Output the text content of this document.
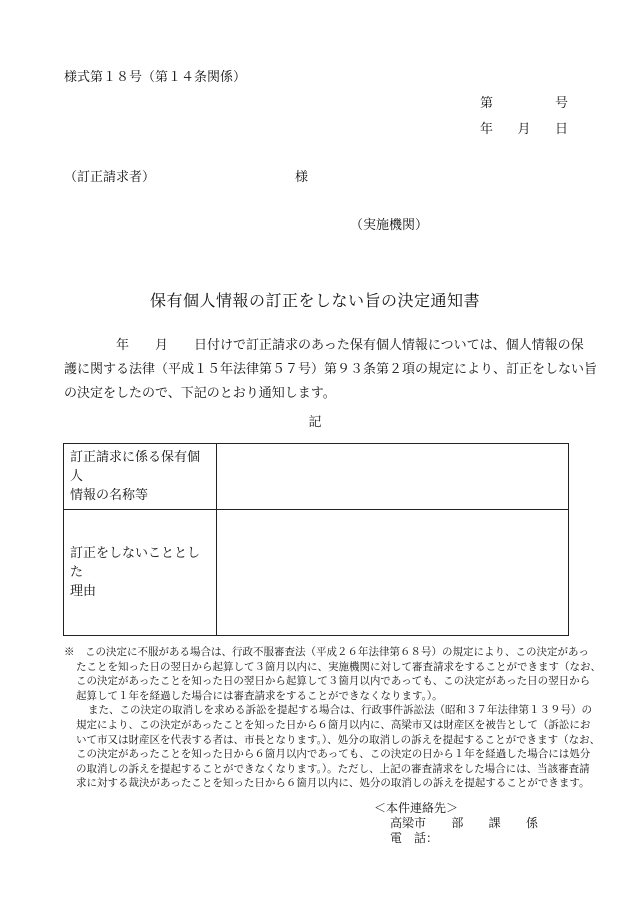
様式第１８号（第１４条関係）
第	号
年 月 日
（訂正請求者）	様
（実施機関）
保有個人情報の訂正をしない旨の決定通知書
　　　　年　　月　　日付けで訂正請求のあった保有個人情報については、個人情報の保
護に関する法律（平成１５年法律第５７号）第９３条第２項の規定により、訂正をしない旨
の決定をしたので、下記のとおり通知します。
記
訂正請求に係る保有個人
情報の名称等	
訂正をしないこととした
理由	
※　この決定に不服がある場合は、行政不服審査法（平成２６年法律第６８号）の規定により、この決定があっ
たことを知った日の翌日から起算して３箇月以内に、実施機関に対して審査請求をすることができます（なお、
この決定があったことを知った日の翌日から起算して３箇月以内であっても、この決定があった日の翌日から
起算して１年を経過した場合には審査請求をすることができなくなります。）。
また、この決定の取消しを求める訴訟を提起する場合は、行政事件訴訟法（昭和３７年法律第１３９号）の
規定により、この決定があったことを知った日から６箇月以内に、高梁市又は財産区を被告として（訴訟にお
いて市又は財産区を代表する者は、市長となります。）、処分の取消しの訴えを提起することができます（なお、
この決定があったことを知った日から６箇月以内であっても、この決定の日から１年を経過した場合には処分
の取消しの訴えを提起することができなくなります。）。ただし、上記の審査請求をした場合には、当該審査請
求に対する裁決があったことを知った日から６箇月以内に、処分の取消しの訴えを提起することができます。
＜本件連絡先＞
高梁市 部 課 係
電　話：
